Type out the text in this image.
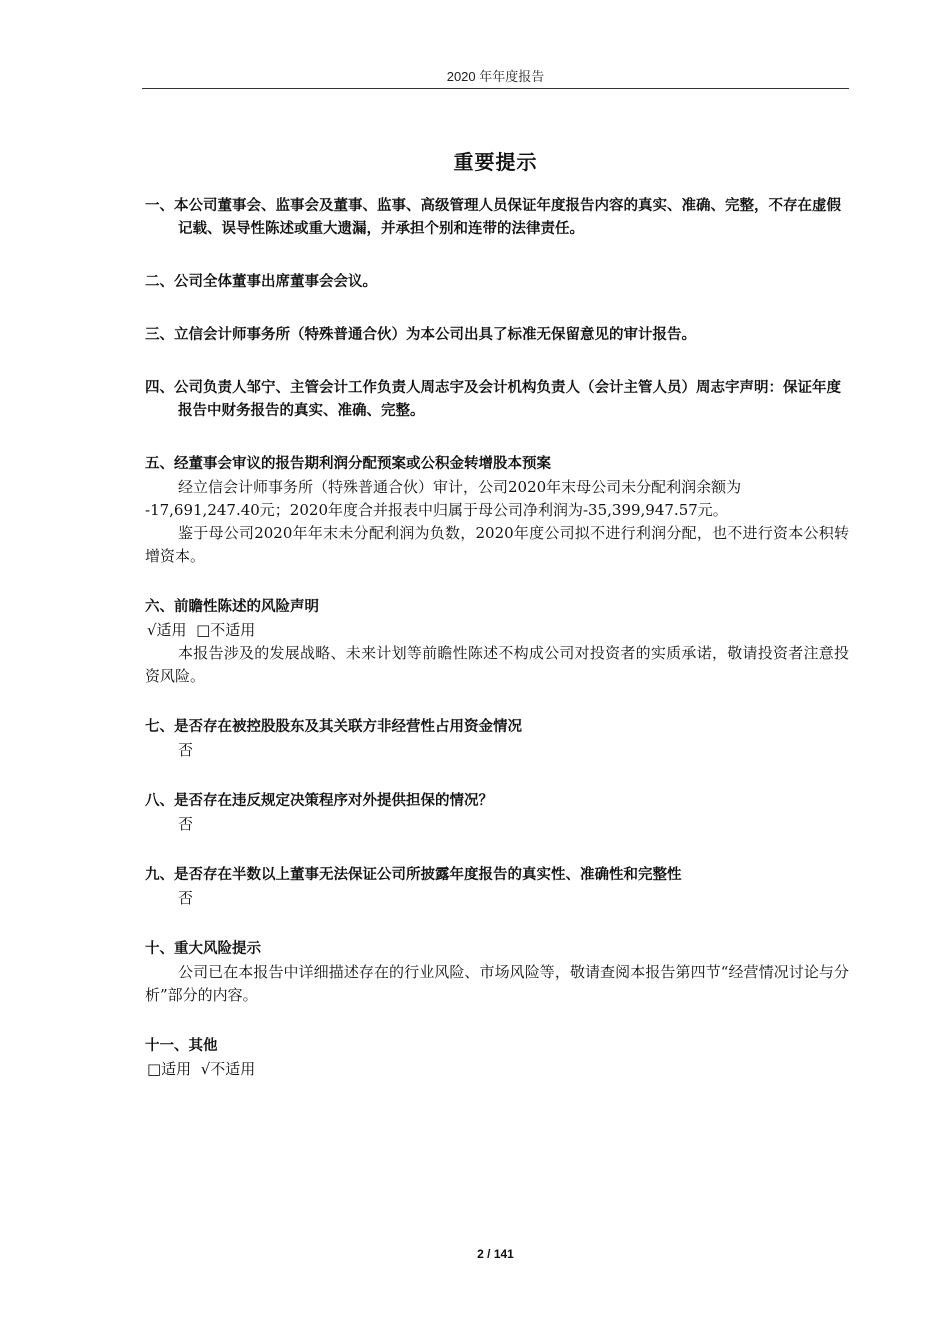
2020 年年度报告
重要提示

一、本公司董事会、监事会及董事、监事、高级管理人员保证年度报告内容的真实、准确、完整，不存在虚假记载、误导性陈述或重大遗漏，并承担个别和连带的法律责任。

二、公司全体董事出席董事会会议。

三、立信会计师事务所（特殊普通合伙）为本公司出具了标准无保留意见的审计报告。

四、公司负责人邹宁、主管会计工作负责人周志宇及会计机构负责人（会计主管人员）周志宇声明：保证年度报告中财务报告的真实、准确、完整。

五、经董事会审议的报告期利润分配预案或公积金转增股本预案

经立信会计师事务所（特殊普通合伙）审计，公司2020年末母公司未分配利润余额为

-17,691,247.40元；2020年度合并报表中归属于母公司净利润为-35,399,947.57元。

鉴于母公司2020年年末未分配利润为负数，2020年度公司拟不进行利润分配，也不进行资本公积转增资本。

六、前瞻性陈述的风险声明

√适用  □不适用

本报告涉及的发展战略、未来计划等前瞻性陈述不构成公司对投资者的实质承诺，敬请投资者注意投资风险。

七、是否存在被控股股东及其关联方非经营性占用资金情况

否

八、是否存在违反规定决策程序对外提供担保的情况？

否

九、是否存在半数以上董事无法保证公司所披露年度报告的真实性、准确性和完整性

否

十、重大风险提示

公司已在本报告中详细描述存在的行业风险、市场风险等，敬请查阅本报告第四节“经营情况讨论与分析”部分的内容。

十一、其他

□适用  √不适用

2 / 141
